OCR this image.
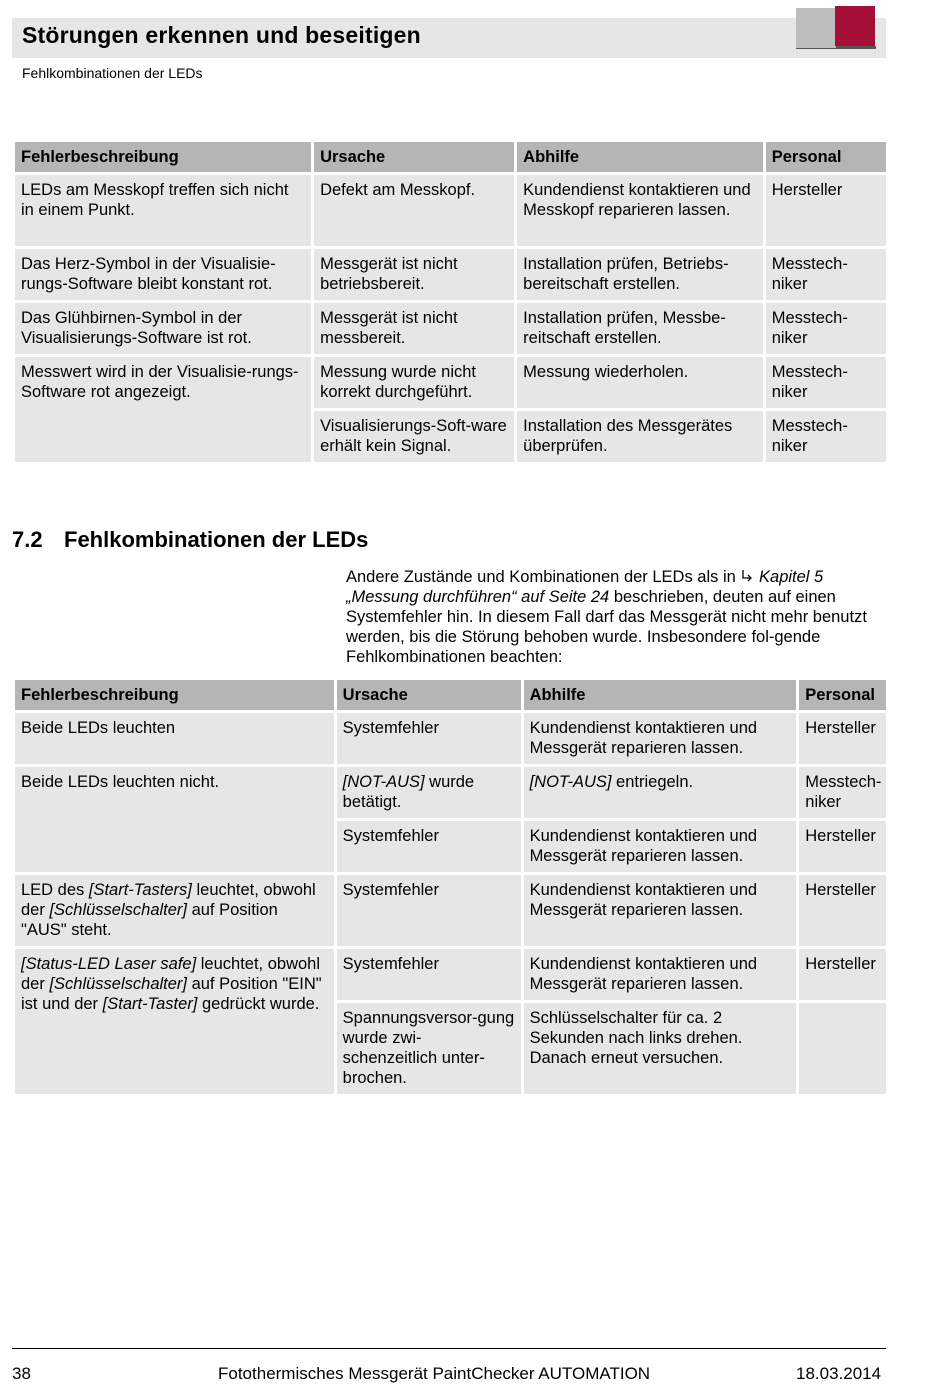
Störungen erkennen und beseitigen
Fehlkombinationen der LEDs
Fehlerbeschreibung	Ursache	Abhilfe	Personal
LEDs am Messkopf treffen sich nicht in einem Punkt.	Defekt am Messkopf.	Kundendienst kontaktieren und Messkopf reparieren lassen.	Hersteller
Das Herz-Symbol in der Visualisie-rungs-Software bleibt konstant rot.	Messgerät ist nicht betriebsbereit.	Installation prüfen, Betriebs-bereitschaft erstellen.	Messtech-niker
Das Glühbirnen-Symbol in der Visualisierungs-Software ist rot.	Messgerät ist nicht messbereit.	Installation prüfen, Messbe-reitschaft erstellen.	Messtech-niker
Messwert wird in der Visualisie-rungs-Software rot angezeigt.	Messung wurde nicht korrekt durchgeführt.	Messung wiederholen.	Messtech-niker
	Visualisierungs-Soft-ware erhält kein Signal.	Installation des Messgerätes überprüfen.	Messtech-niker
7.2 Fehlkombinationen der LEDs
Andere Zustände und Kombinationen der LEDs als in  Kapitel 5 „Messung durchführen“ auf Seite 24 beschrieben, deuten auf einen Systemfehler hin. In diesem Fall darf das Messgerät nicht mehr benutzt werden, bis die Störung behoben wurde. Insbesondere fol-gende Fehlkombinationen beachten:
Fehlerbeschreibung	Ursache	Abhilfe	Personal
Beide LEDs leuchten	Systemfehler	Kundendienst kontaktieren und Messgerät reparieren lassen.	Hersteller
Beide LEDs leuchten nicht.	[NOT-AUS] wurde betätigt.	[NOT-AUS] entriegeln.	Messtech-niker
	Systemfehler	Kundendienst kontaktieren und Messgerät reparieren lassen.	Hersteller
LED des [Start-Tasters] leuchtet, obwohl der [Schlüsselschalter] auf Position "AUS" steht.	Systemfehler	Kundendienst kontaktieren und Messgerät reparieren lassen.	Hersteller
[Status-LED Laser safe] leuchtet, obwohl der [Schlüsselschalter] auf Position "EIN" ist und der [Start-Taster] gedrückt wurde.	Systemfehler	Kundendienst kontaktieren und Messgerät reparieren lassen.	Hersteller
	Spannungsversor-gung wurde zwi-schenzeitlich unter-brochen.	Schlüsselschalter für ca. 2 Sekunden nach links drehen. Danach erneut versuchen.	
38	Fotothermisches Messgerät PaintChecker AUTOMATION	18.03.2014
